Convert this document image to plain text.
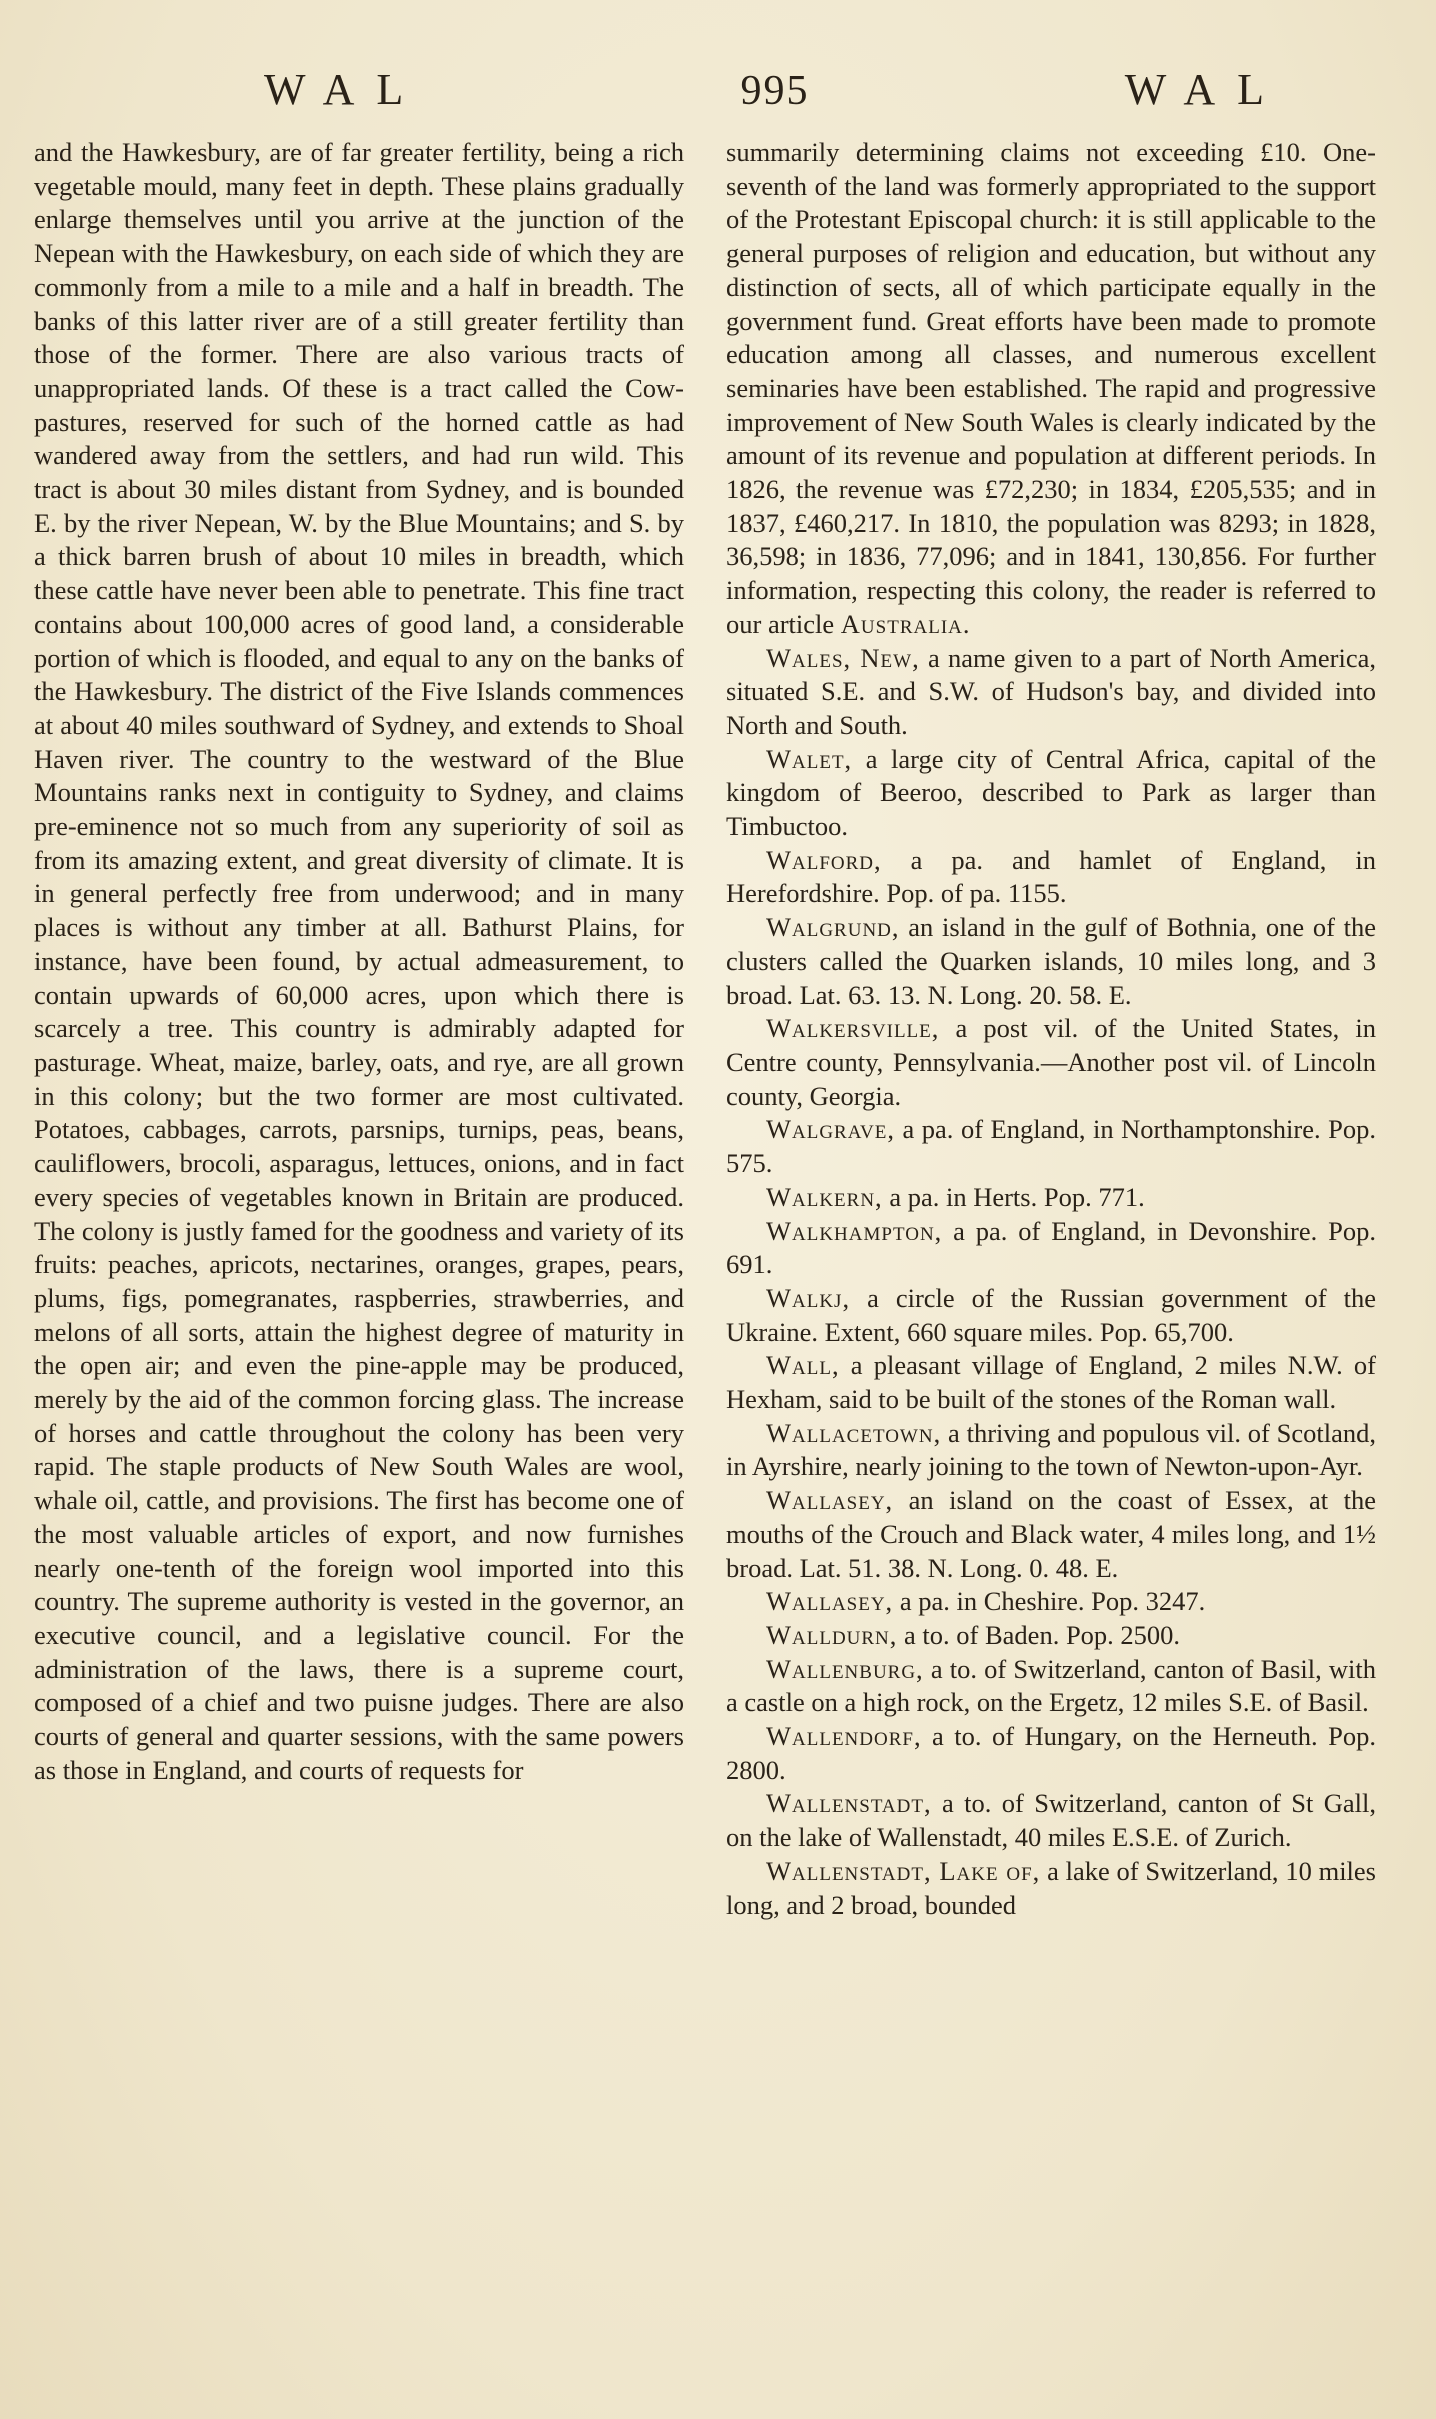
WAL	995	WAL

and the Hawkesbury, are of far greater fertility, being a rich vegetable mould, many feet in depth. These plains gradually enlarge themselves until you arrive at the junction of the Nepean with the Hawkesbury, on each side of which they are commonly from a mile to a mile and a half in breadth. The banks of this latter river are of a still greater fertility than those of the former. There are also various tracts of unappropriated lands. Of these is a tract called the Cowpastures, reserved for such of the horned cattle as had wandered away from the settlers, and had run wild. This tract is about 30 miles distant from Sydney, and is bounded E. by the river Nepean, W. by the Blue Mountains; and S. by a thick barren brush of about 10 miles in breadth, which these cattle have never been able to penetrate. This fine tract contains about 100,000 acres of good land, a considerable portion of which is flooded, and equal to any on the banks of the Hawkesbury. The district of the Five Islands commences at about 40 miles southward of Sydney, and extends to Shoal Haven river. The country to the westward of the Blue Mountains ranks next in contiguity to Sydney, and claims pre-eminence not so much from any superiority of soil as from its amazing extent, and great diversity of climate. It is in general perfectly free from underwood; and in many places is without any timber at all. Bathurst Plains, for instance, have been found, by actual admeasurement, to contain upwards of 60,000 acres, upon which there is scarcely a tree. This country is admirably adapted for pasturage. Wheat, maize, barley, oats, and rye, are all grown in this colony; but the two former are most cultivated. Potatoes, cabbages, carrots, parsnips, turnips, peas, beans, cauliflowers, brocoli, asparagus, lettuces, onions, and in fact every species of vegetables known in Britain are produced. The colony is justly famed for the goodness and variety of its fruits: peaches, apricots, nectarines, oranges, grapes, pears, plums, figs, pomegranates, raspberries, strawberries, and melons of all sorts, attain the highest degree of maturity in the open air; and even the pine-apple may be produced, merely by the aid of the common forcing glass. The increase of horses and cattle throughout the colony has been very rapid. The staple products of New South Wales are wool, whale oil, cattle, and provisions. The first has become one of the most valuable articles of export, and now furnishes nearly one-tenth of the foreign wool imported into this country. The supreme authority is vested in the governor, an executive council, and a legislative council. For the administration of the laws, there is a supreme court, composed of a chief and two puisne judges. There are also courts of general and quarter sessions, with the same powers as those in England, and courts of requests for

summarily determining claims not exceeding £10. One-seventh of the land was formerly appropriated to the support of the Protestant Episcopal church: it is still applicable to the general purposes of religion and education, but without any distinction of sects, all of which participate equally in the government fund. Great efforts have been made to promote education among all classes, and numerous excellent seminaries have been established. The rapid and progressive improvement of New South Wales is clearly indicated by the amount of its revenue and population at different periods. In 1826, the revenue was £72,230; in 1834, £205,535; and in 1837, £460,217. In 1810, the population was 8293; in 1828, 36,598; in 1836, 77,096; and in 1841, 130,856. For further information, respecting this colony, the reader is referred to our article Australia.

Wales, New, a name given to a part of North America, situated S.E. and S.W. of Hudson's bay, and divided into North and South.

Walet, a large city of Central Africa, capital of the kingdom of Beeroo, described to Park as larger than Timbuctoo.

Walford, a pa. and hamlet of England, in Herefordshire. Pop. of pa. 1155.

Walgrund, an island in the gulf of Bothnia, one of the clusters called the Quarken islands, 10 miles long, and 3 broad. Lat. 63. 13. N. Long. 20. 58. E.

Walkersville, a post vil. of the United States, in Centre county, Pennsylvania.—Another post vil. of Lincoln county, Georgia.

Walgrave, a pa. of England, in Northamptonshire. Pop. 575.

Walkern, a pa. in Herts. Pop. 771.

Walkhampton, a pa. of England, in Devonshire. Pop. 691.

Walkj, a circle of the Russian government of the Ukraine. Extent, 660 square miles. Pop. 65,700.

Wall, a pleasant village of England, 2 miles N.W. of Hexham, said to be built of the stones of the Roman wall.

Wallacetown, a thriving and populous vil. of Scotland, in Ayrshire, nearly joining to the town of Newton-upon-Ayr.

Wallasey, an island on the coast of Essex, at the mouths of the Crouch and Black water, 4 miles long, and 1½ broad. Lat. 51. 38. N. Long. 0. 48. E.

Wallasey, a pa. in Cheshire. Pop. 3247.

Walldurn, a to. of Baden. Pop. 2500.

Wallenburg, a to. of Switzerland, canton of Basil, with a castle on a high rock, on the Ergetz, 12 miles S.E. of Basil.

Wallendorf, a to. of Hungary, on the Herneuth. Pop. 2800.

Wallenstadt, a to. of Switzerland, canton of St Gall, on the lake of Wallenstadt, 40 miles E.S.E. of Zurich.

Wallenstadt, Lake of, a lake of Switzerland, 10 miles long, and 2 broad, bounded
